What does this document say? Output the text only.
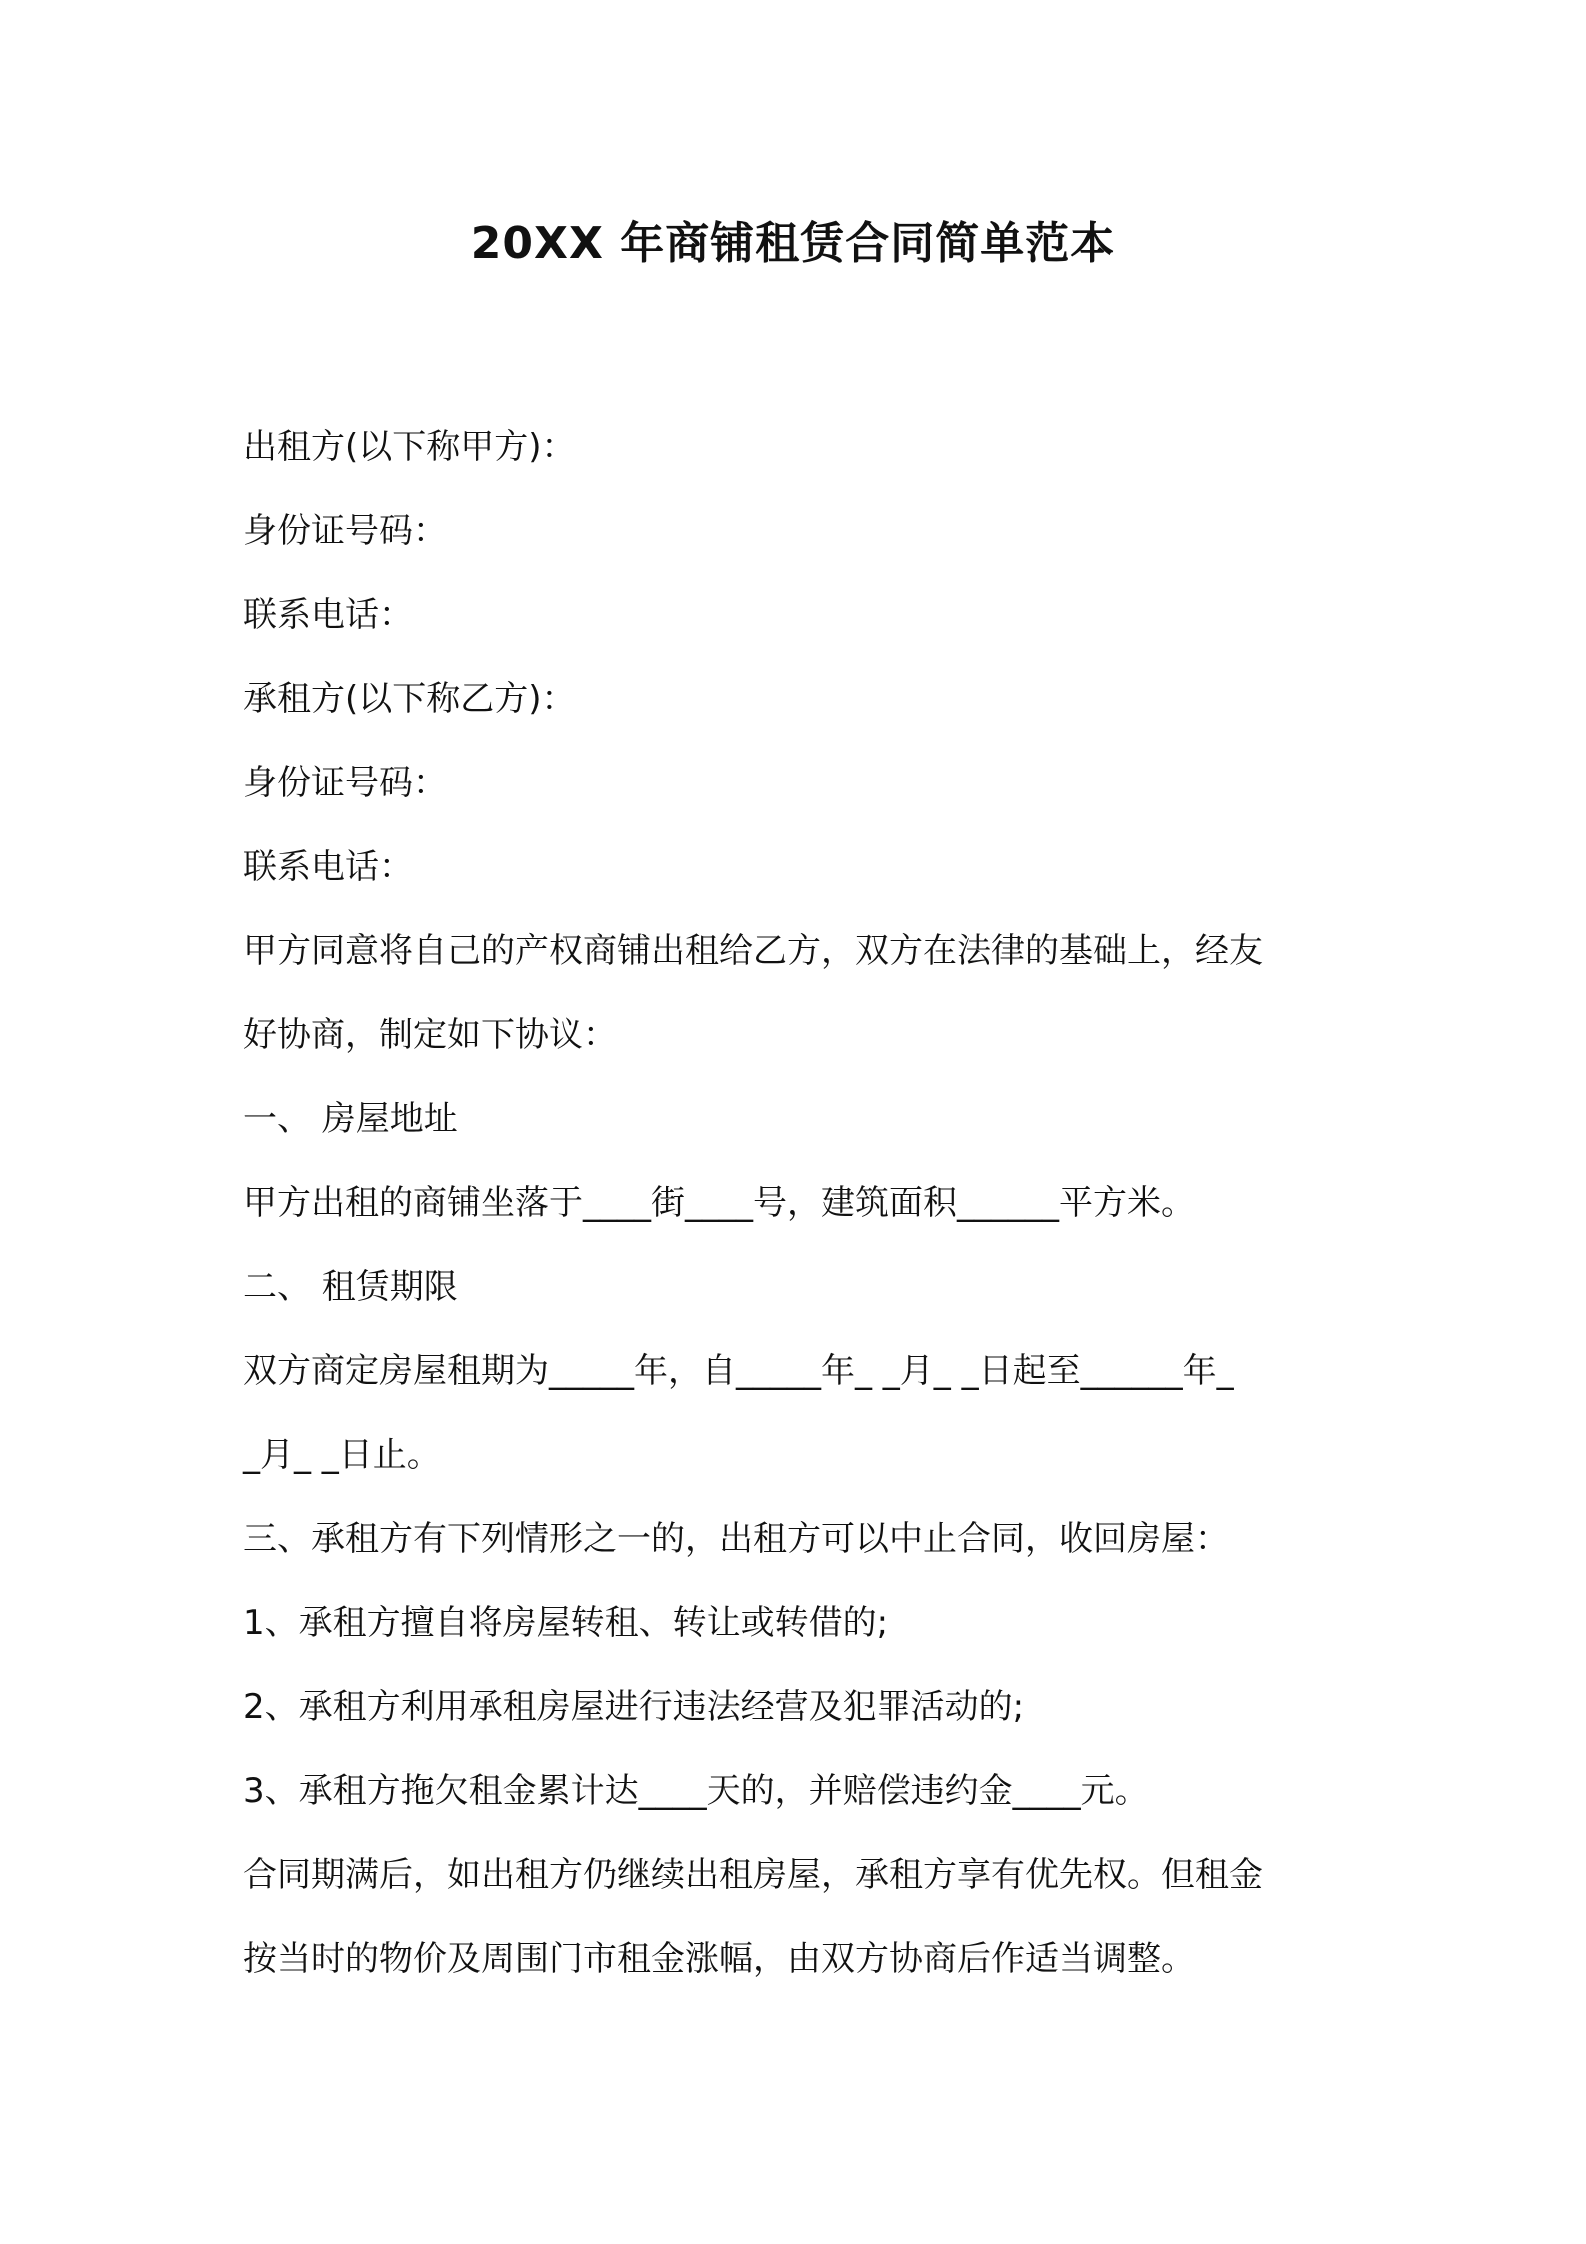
20XX 年商铺租赁合同简单范本
出租方(以下称甲方)：
身份证号码：
联系电话：
承租方(以下称乙方)：
身份证号码：
联系电话：
甲方同意将自己的产权商铺出租给乙方，双方在法律的基础上，经友
好协商，制定如下协议：
一、 房屋地址
甲方出租的商铺坐落于____街____号，建筑面积______平方米。
二、 租赁期限
双方商定房屋租期为_____年，自_____年_ _月_ _日起至______年_
_月_ _日止。
三、承租方有下列情形之一的，出租方可以中止合同，收回房屋：
1、承租方擅自将房屋转租、转让或转借的;
2、承租方利用承租房屋进行违法经营及犯罪活动的;
3、承租方拖欠租金累计达____天的，并赔偿违约金____元。
合同期满后，如出租方仍继续出租房屋，承租方享有优先权。但租金
按当时的物价及周围门市租金涨幅，由双方协商后作适当调整。
